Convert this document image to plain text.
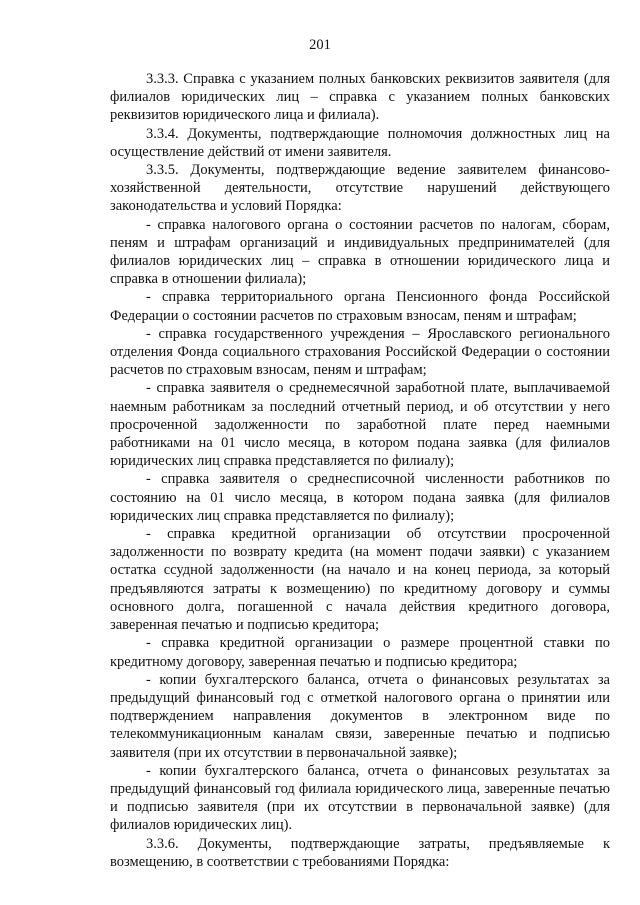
201

3.3.3. Справка с указанием полных банковских реквизитов заявителя (для филиалов юридических лиц – справка с указанием полных банковских реквизитов юридического лица и филиала).

3.3.4. Документы, подтверждающие полномочия должностных лиц на осуществление действий от имени заявителя.

3.3.5. Документы, подтверждающие ведение заявителем финансово-хозяйственной деятельности, отсутствие нарушений действующего законодательства и условий Порядка:

- справка налогового органа о состоянии расчетов по налогам, сборам, пеням и штрафам организаций и индивидуальных предпринимателей (для филиалов юридических лиц – справка в отношении юридического лица и справка в отношении филиала);

- справка территориального органа Пенсионного фонда Российской Федерации о состоянии расчетов по страховым взносам, пеням и штрафам;

- справка государственного учреждения – Ярославского регионального отделения Фонда социального страхования Российской Федерации о состоянии расчетов по страховым взносам, пеням и штрафам;

- справка заявителя о среднемесячной заработной плате, выплачиваемой наемным работникам за последний отчетный период, и об отсутствии у него просроченной задолженности по заработной плате перед наемными работниками на 01 число месяца, в котором подана заявка (для филиалов юридических лиц справка представляется по филиалу);

- справка заявителя о среднесписочной численности работников по состоянию на 01 число месяца, в котором подана заявка (для филиалов юридических лиц справка представляется по филиалу);

- справка кредитной организации об отсутствии просроченной задолженности по возврату кредита (на момент подачи заявки) с указанием остатка ссудной задолженности (на начало и на конец периода, за который предъявляются затраты к возмещению) по кредитному договору и суммы основного долга, погашенной с начала действия кредитного договора, заверенная печатью и подписью кредитора;

- справка кредитной организации о размере процентной ставки по кредитному договору, заверенная печатью и подписью кредитора;

- копии бухгалтерского баланса, отчета о финансовых результатах за предыдущий финансовый год с отметкой налогового органа о принятии или подтверждением направления документов в электронном виде по телекоммуникационным каналам связи, заверенные печатью и подписью заявителя (при их отсутствии в первоначальной заявке);

- копии бухгалтерского баланса, отчета о финансовых результатах за предыдущий финансовый год филиала юридического лица, заверенные печатью и подписью заявителя (при их отсутствии в первоначальной заявке) (для филиалов юридических лиц).

3.3.6. Документы, подтверждающие затраты, предъявляемые к возмещению, в соответствии с требованиями Порядка:
